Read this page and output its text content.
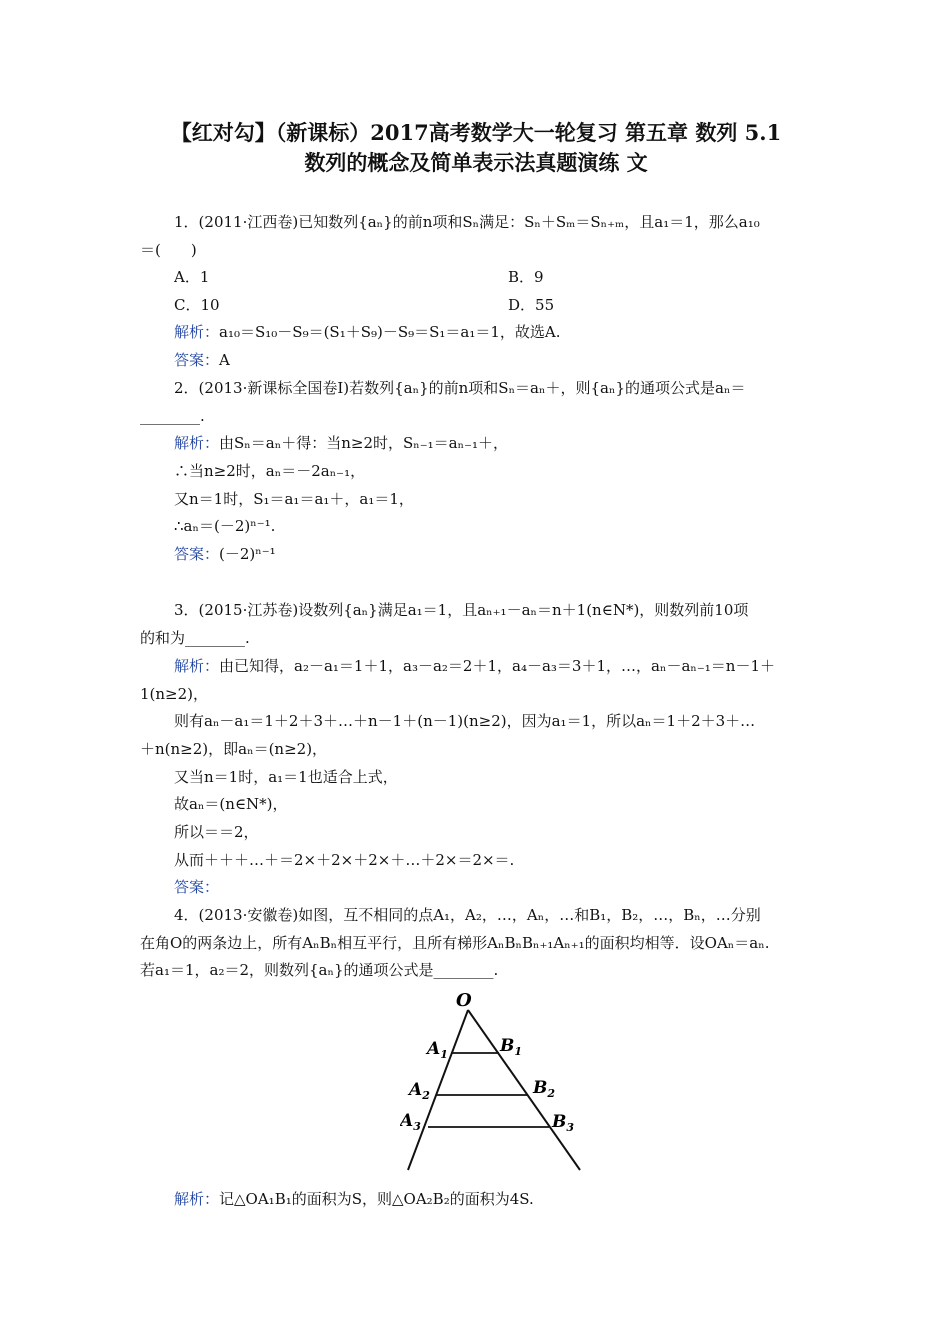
【红对勾】（新课标）2017高考数学大一轮复习 第五章 数列 5.1
数列的概念及简单表示法真题演练 文
1．(2011·江西卷)已知数列{aₙ}的前n项和Sₙ满足：Sₙ＋Sₘ＝Sₙ₊ₘ，且a₁＝1，那么a₁₀
＝(　　)
A．1	B．9
C．10	D．55
解析：a₁₀＝S₁₀－S₉＝(S₁＋S₉)－S₉＝S₁＝a₁＝1，故选A.
答案：A
2．(2013·新课标全国卷Ⅰ)若数列{aₙ}的前n项和Sₙ＝aₙ＋，则{aₙ}的通项公式是aₙ＝
________.
解析：由Sₙ＝aₙ＋得：当n≥2时，Sₙ₋₁＝aₙ₋₁＋，
∴当n≥2时，aₙ＝－2aₙ₋₁，
又n＝1时，S₁＝a₁＝a₁＋，a₁＝1，
∴aₙ＝(－2)ⁿ⁻¹.
答案：(－2)ⁿ⁻¹
3．(2015·江苏卷)设数列{aₙ}满足a₁＝1，且aₙ₊₁－aₙ＝n＋1(n∈N*)，则数列前10项
的和为________.
解析：由已知得，a₂－a₁＝1＋1，a₃－a₂＝2＋1，a₄－a₃＝3＋1，…，aₙ－aₙ₋₁＝n－1＋
1(n≥2)，
则有aₙ－a₁＝1＋2＋3＋…＋n－1＋(n－1)(n≥2)，因为a₁＝1，所以aₙ＝1＋2＋3＋…
＋n(n≥2)，即aₙ＝(n≥2)，
又当n＝1时，a₁＝1也适合上式，
故aₙ＝(n∈N*)，
所以＝＝2，
从而＋＋＋…＋＝2×＋2×＋2×＋…＋2×＝2×＝.
答案：
4．(2013·安徽卷)如图，互不相同的点A₁，A₂，…，Aₙ，…和B₁，B₂，…，Bₙ，…分别
在角O的两条边上，所有AₙBₙ相互平行，且所有梯形AₙBₙBₙ₊₁Aₙ₊₁的面积均相等．设OAₙ＝aₙ.
若a₁＝1，a₂＝2，则数列{aₙ}的通项公式是________.
O
$A_1$	$B_1$
$A_2$	$B_2$
$A_3$	$B_3$
解析：记△OA₁B₁的面积为S，则△OA₂B₂的面积为4S.
